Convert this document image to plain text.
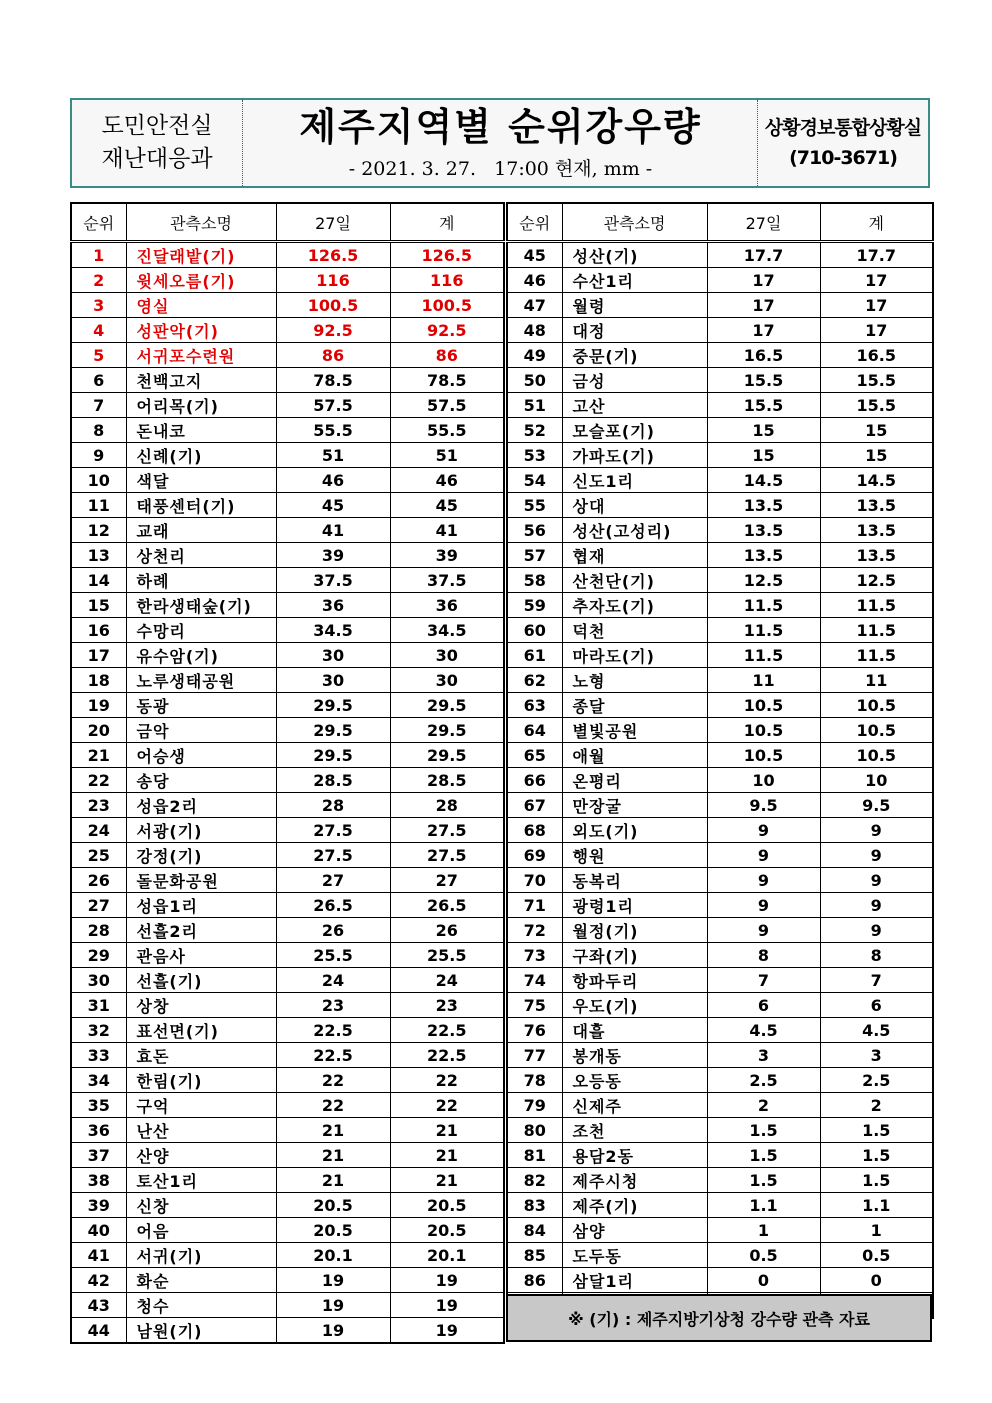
도민안전실
재난대응과
제주지역별 순위강우량
- 2021. 3. 27.   17:00 현재, mm -
상황경보통합상황실
(710-3671)
순위	관측소명	27일	계
1	진달래밭(기)	126.5	126.5
2	윗세오름(기)	116	116
3	영실	100.5	100.5
4	성판악(기)	92.5	92.5
5	서귀포수련원	86	86
6	천백고지	78.5	78.5
7	어리목(기)	57.5	57.5
8	돈내코	55.5	55.5
9	신례(기)	51	51
10	색달	46	46
11	태풍센터(기)	45	45
12	교래	41	41
13	상천리	39	39
14	하례	37.5	37.5
15	한라생태숲(기)	36	36
16	수망리	34.5	34.5
17	유수암(기)	30	30
18	노루생태공원	30	30
19	동광	29.5	29.5
20	금악	29.5	29.5
21	어승생	29.5	29.5
22	송당	28.5	28.5
23	성읍2리	28	28
24	서광(기)	27.5	27.5
25	강정(기)	27.5	27.5
26	돌문화공원	27	27
27	성읍1리	26.5	26.5
28	선흘2리	26	26
29	관음사	25.5	25.5
30	선흘(기)	24	24
31	상창	23	23
32	표선면(기)	22.5	22.5
33	효돈	22.5	22.5
34	한림(기)	22	22
35	구억	22	22
36	난산	21	21
37	산양	21	21
38	토산1리	21	21
39	신창	20.5	20.5
40	어음	20.5	20.5
41	서귀(기)	20.1	20.1
42	화순	19	19
43	청수	19	19
44	남원(기)	19	19
순위	관측소명	27일	계
45	성산(기)	17.7	17.7
46	수산1리	17	17
47	월령	17	17
48	대정	17	17
49	중문(기)	16.5	16.5
50	금성	15.5	15.5
51	고산	15.5	15.5
52	모슬포(기)	15	15
53	가파도(기)	15	15
54	신도1리	14.5	14.5
55	상대	13.5	13.5
56	성산(고성리)	13.5	13.5
57	협재	13.5	13.5
58	산천단(기)	12.5	12.5
59	추자도(기)	11.5	11.5
60	덕천	11.5	11.5
61	마라도(기)	11.5	11.5
62	노형	11	11
63	종달	10.5	10.5
64	별빛공원	10.5	10.5
65	애월	10.5	10.5
66	온평리	10	10
67	만장굴	9.5	9.5
68	외도(기)	9	9
69	행원	9	9
70	동복리	9	9
71	광령1리	9	9
72	월정(기)	9	9
73	구좌(기)	8	8
74	항파두리	7	7
75	우도(기)	6	6
76	대흘	4.5	4.5
77	봉개동	3	3
78	오등동	2.5	2.5
79	신제주	2	2
80	조천	1.5	1.5
81	용담2동	1.5	1.5
82	제주시청	1.5	1.5
83	제주(기)	1.1	1.1
84	삼양	1	1
85	도두동	0.5	0.5
86	삼달1리	0	0

※ (기) : 제주지방기상청 강수량 관측 자료
